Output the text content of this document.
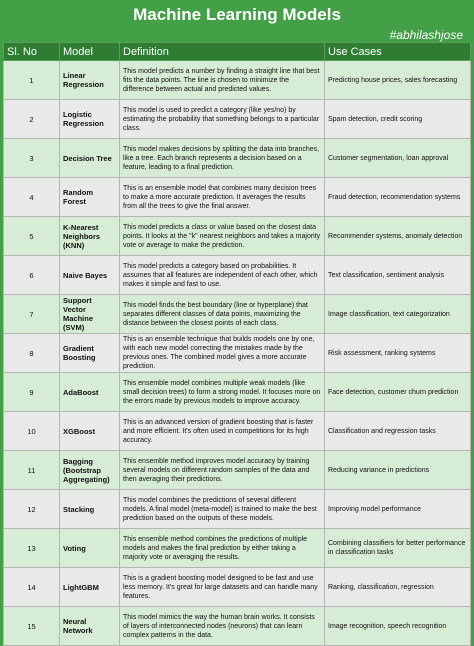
Machine Learning Models
#abhilashjose
Sl. No	Model	Definition	Use Cases
1	Linear Regression	This model predicts a number by finding a straight line that best fits the data points. The line is chosen to minimize the difference between actual and predicted values.	Predicting house prices, sales forecasting
2	Logistic Regression	This model is used to predict a category (like yes/no) by estimating the probability that something belongs to a particular class.	Spam detection, credit scoring
3	Decision Tree	This model makes decisions by splitting the data into branches, like a tree. Each branch represents a decision based on a feature, leading to a final prediction.	Customer segmentation, loan approval
4	Random Forest	This is an ensemble model that combines many decision trees to make a more accurate prediction. It averages the results from all the trees to give the final answer.	Fraud detection, recommendation systems
5	K-Nearest Neighbors (KNN)	This model predicts a class or value based on the closest data points. It looks at the "k" nearest neighbors and takes a majority vote or average to make the prediction.	Recommender systems, anomaly detection
6	Naive Bayes	This model predicts a category based on probabilities. It assumes that all features are independent of each other, which makes it simple and fast to use.	Text classification, sentiment analysis
7	Support Vector Machine (SVM)	This model finds the best boundary (line or hyperplane) that separates different classes of data points, maximizing the distance between the closest points of each class.	Image classification, text categorization
8	Gradient Boosting	This is an ensemble technique that builds models one by one, with each new model correcting the mistakes made by the previous ones. The combined model gives a more accurate prediction.	Risk assessment, ranking systems
9	AdaBoost	This ensemble model combines multiple weak models (like small decision trees) to form a strong model. It focuses more on the errors made by previous models to improve accuracy.	Face detection, customer churn prediction
10	XGBoost	This is an advanced version of gradient boosting that is faster and more efficient. It's often used in competitions for its high accuracy.	Classification and regression tasks
11	Bagging (Bootstrap Aggregating)	This ensemble method improves model accuracy by training several models on different random samples of the data and then averaging their predictions.	Reducing variance in predictions
12	Stacking	This model combines the predictions of several different models. A final model (meta-model) is trained to make the best prediction based on the outputs of these models.	Improving model performance
13	Voting	This ensemble method combines the predictions of multiple models and makes the final prediction by either taking a majority vote or averaging the results.	Combining classifiers for better performance in classification tasks
14	LightGBM	This is a gradient boosting model designed to be fast and use less memory. It's great for large datasets and can handle many features.	Ranking, classification, regression
15	Neural Network	This model mimics the way the human brain works. It consists of layers of interconnected nodes (neurons) that can learn complex patterns in the data.	Image recognition, speech recognition
